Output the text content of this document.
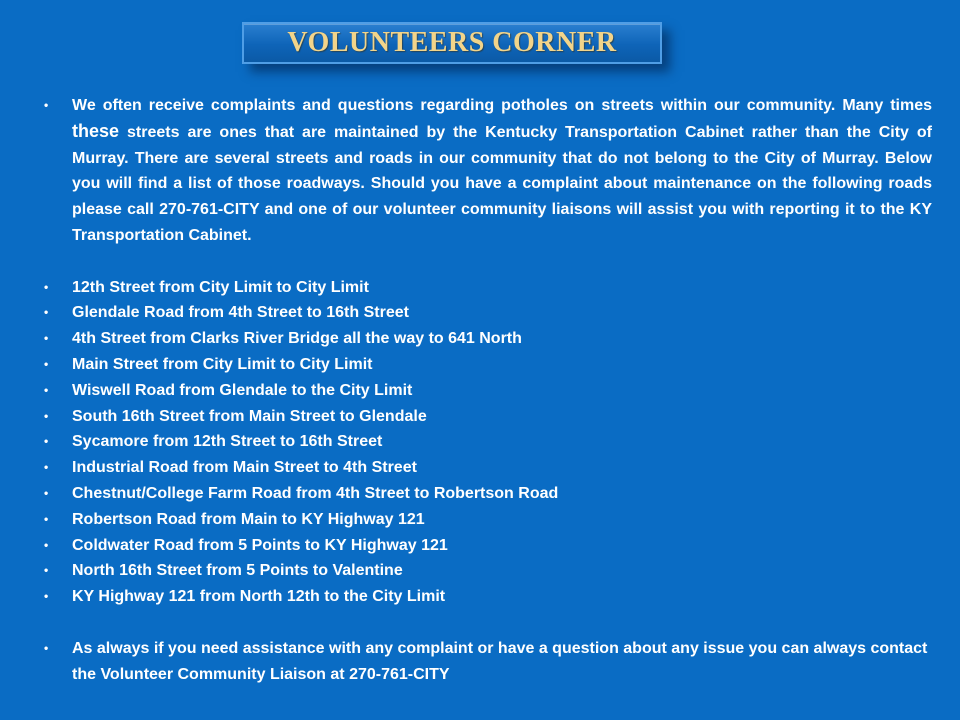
VOLUNTEERS CORNER
•	We often receive complaints and questions regarding potholes on streets within our community. Many times these streets are ones that are maintained by the Kentucky Transportation Cabinet rather than the City of Murray. There are several streets and roads in our community that do not belong to the City of Murray. Below you will find a list of those roadways. Should you have a complaint about maintenance on the following roads please call 270-761-CITY and one of our volunteer community liaisons will assist you with reporting it to the KY Transportation Cabinet.
•	12th Street from City Limit to City Limit
•	Glendale Road from 4th Street to 16th Street
•	4th Street from Clarks River Bridge all the way to 641 North
•	Main Street from City Limit to City Limit
•	Wiswell Road from Glendale to the City Limit
•	South 16th Street from Main Street to Glendale
•	Sycamore from 12th Street to 16th Street
•	Industrial Road from Main Street to 4th Street
•	Chestnut/College Farm Road from 4th Street to Robertson Road
•	Robertson Road from Main to KY Highway 121
•	Coldwater Road from 5 Points to KY Highway 121
•	North 16th Street from 5 Points to Valentine
•	KY Highway 121 from North 12th to the City Limit
•	As always if you need assistance with any complaint or have a question about any issue you can always contact the Volunteer Community Liaison at 270-761-CITY
